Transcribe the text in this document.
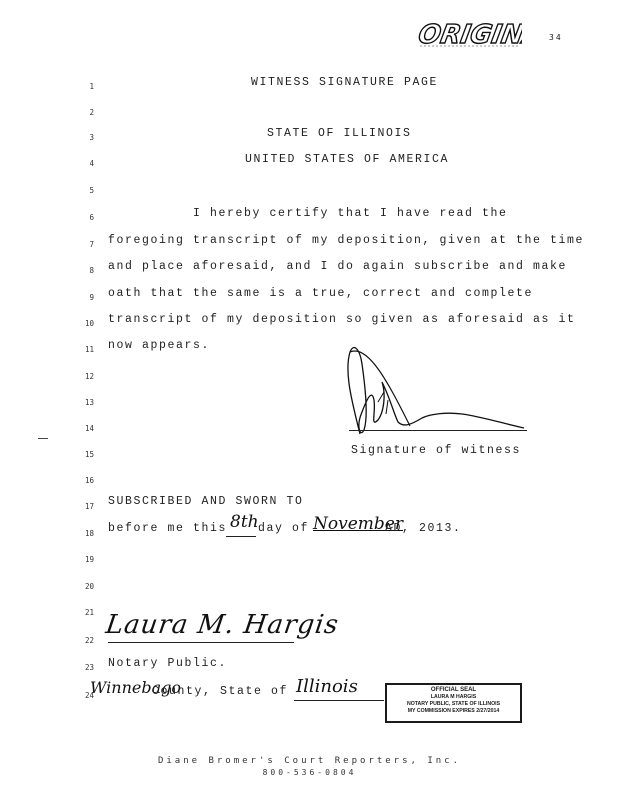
ORIGINAL
34
1
2
3
4
5
6
7
8
9
10
11
12
13
14
15
16
17
18
19
20
21
22
23
24
WITNESS SIGNATURE PAGE
STATE OF ILLINOIS
UNITED STATES OF AMERICA
I hereby certify that I have read the
foregoing transcript of my deposition, given at the time
and place aforesaid, and I do again subscribe and make
oath that the same is a true, correct and complete
transcript of my deposition so given as aforesaid as it
now appears.
Signature of witness
SUBSCRIBED AND SWORN TO
before me this 8th day of November
AD, 2013.
Laura M. Hargis
Notary Public.
Winnebago
County, State of Illinois	OFFICIAL SEAL
LAURA M HARGIS
NOTARY PUBLIC, STATE OF ILLINOIS
MY COMMISSION EXPIRES 2/27/2014
Diane Bromer's Court Reporters, Inc.
800-536-0804
